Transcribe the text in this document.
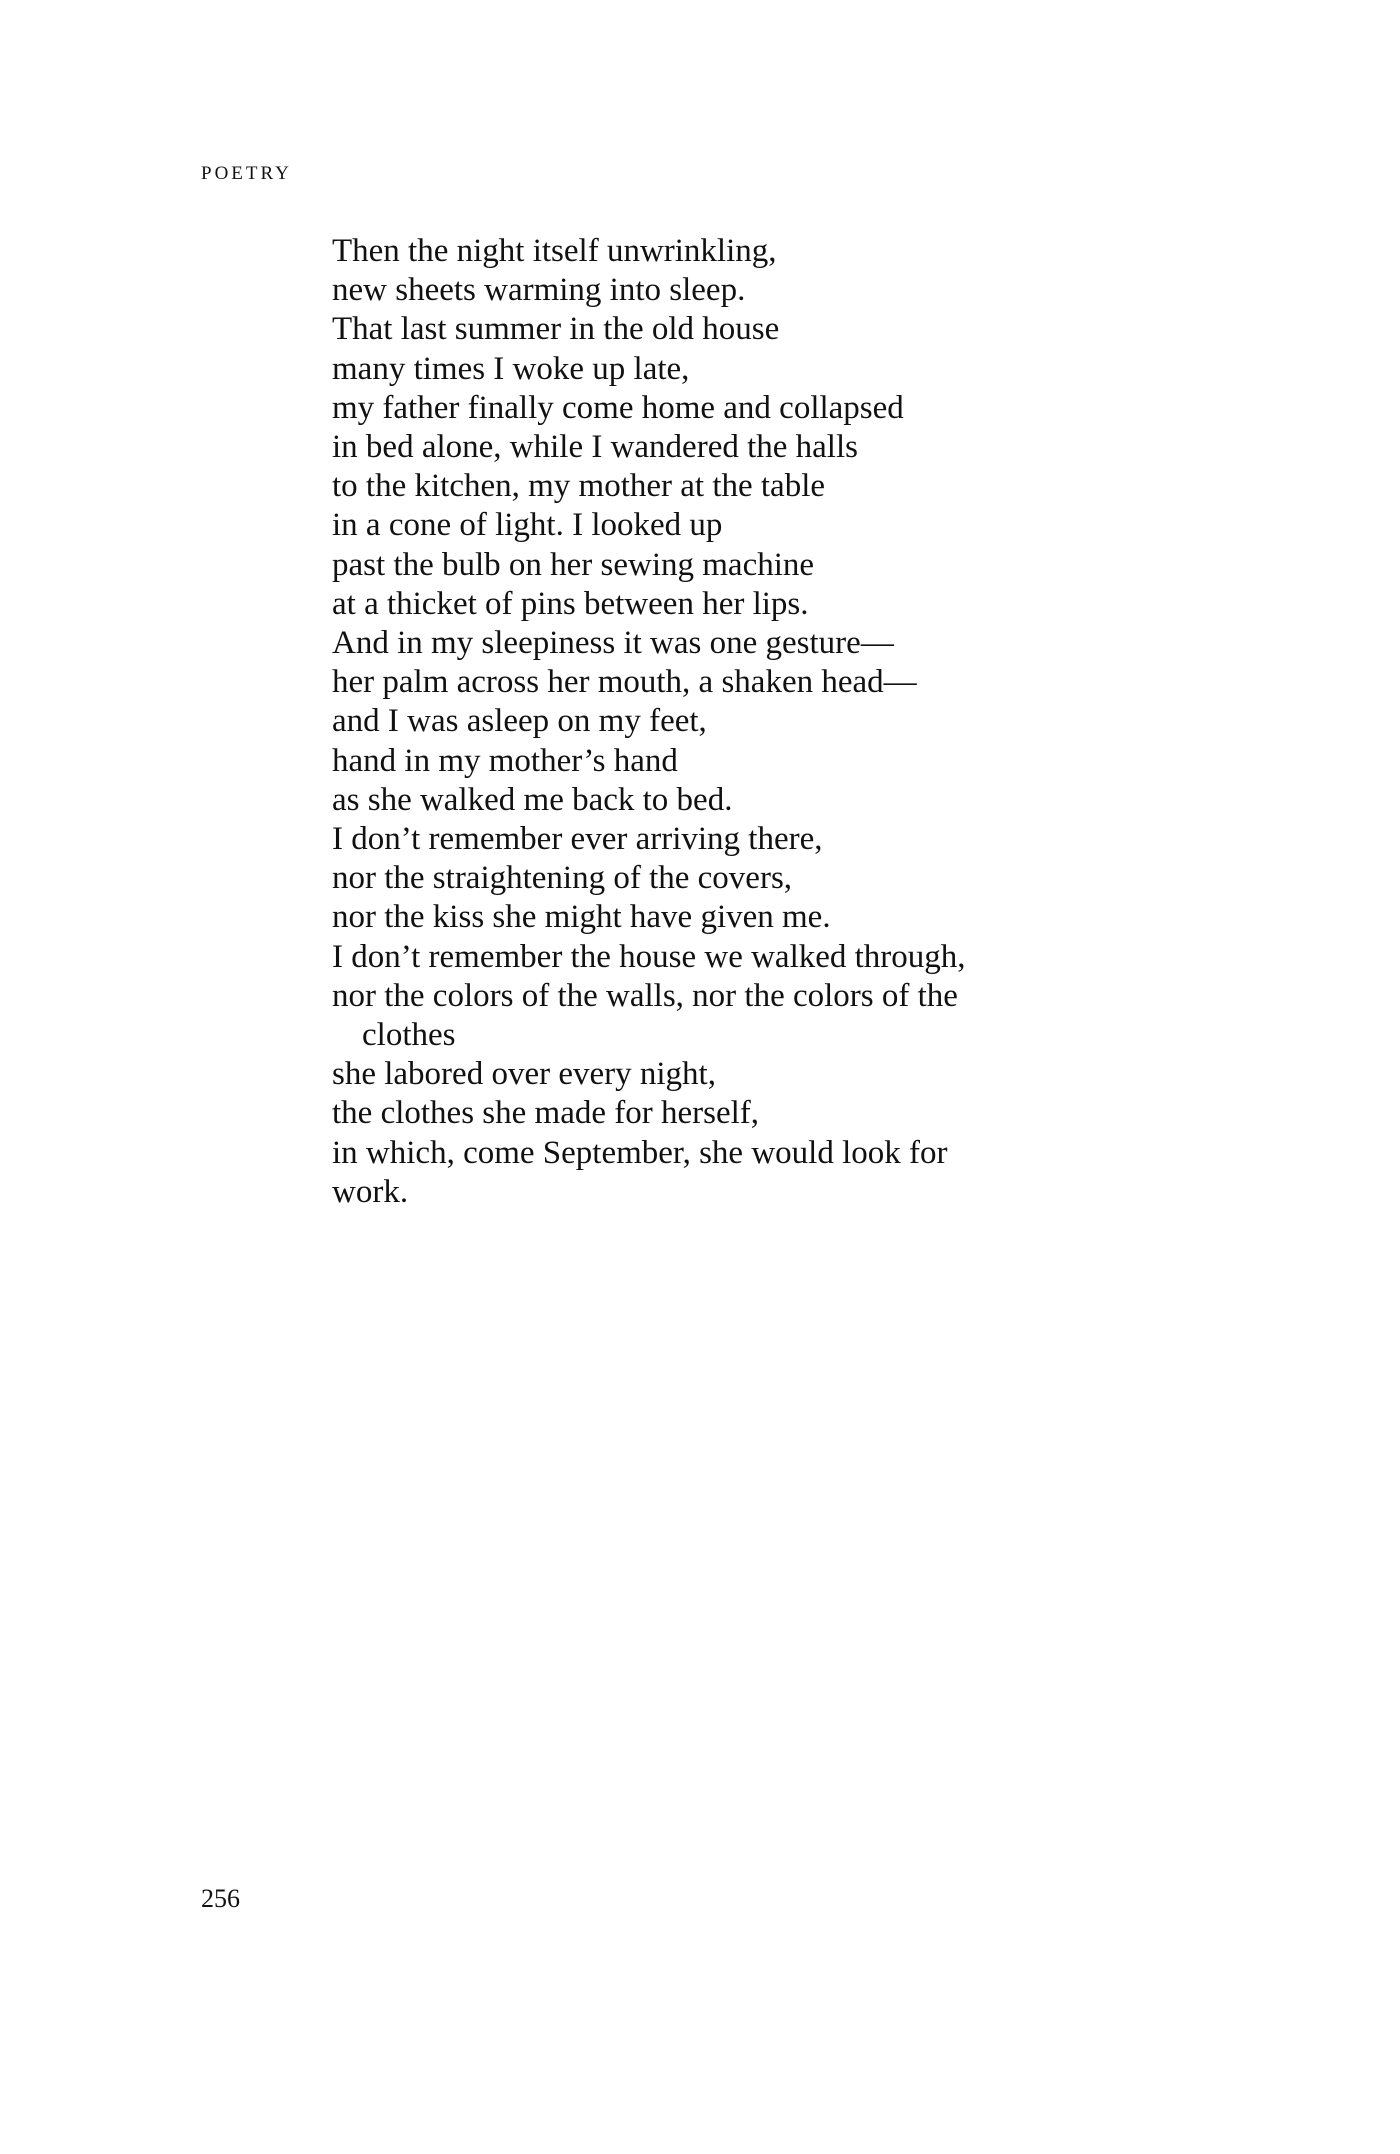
POETRY
Then the night itself unwrinkling,
new sheets warming into sleep.
That last summer in the old house
many times I woke up late,
my father finally come home and collapsed
in bed alone, while I wandered the halls
to the kitchen, my mother at the table
in a cone of light. I looked up
past the bulb on her sewing machine
at a thicket of pins between her lips.
And in my sleepiness it was one gesture—
her palm across her mouth, a shaken head—
and I was asleep on my feet,
hand in my mother’s hand
as she walked me back to bed.
I don’t remember ever arriving there,
nor the straightening of the covers,
nor the kiss she might have given me.
I don’t remember the house we walked through,
nor the colors of the walls, nor the colors of the
clothes
she labored over every night,
the clothes she made for herself,
in which, come September, she would look for
work.
256
